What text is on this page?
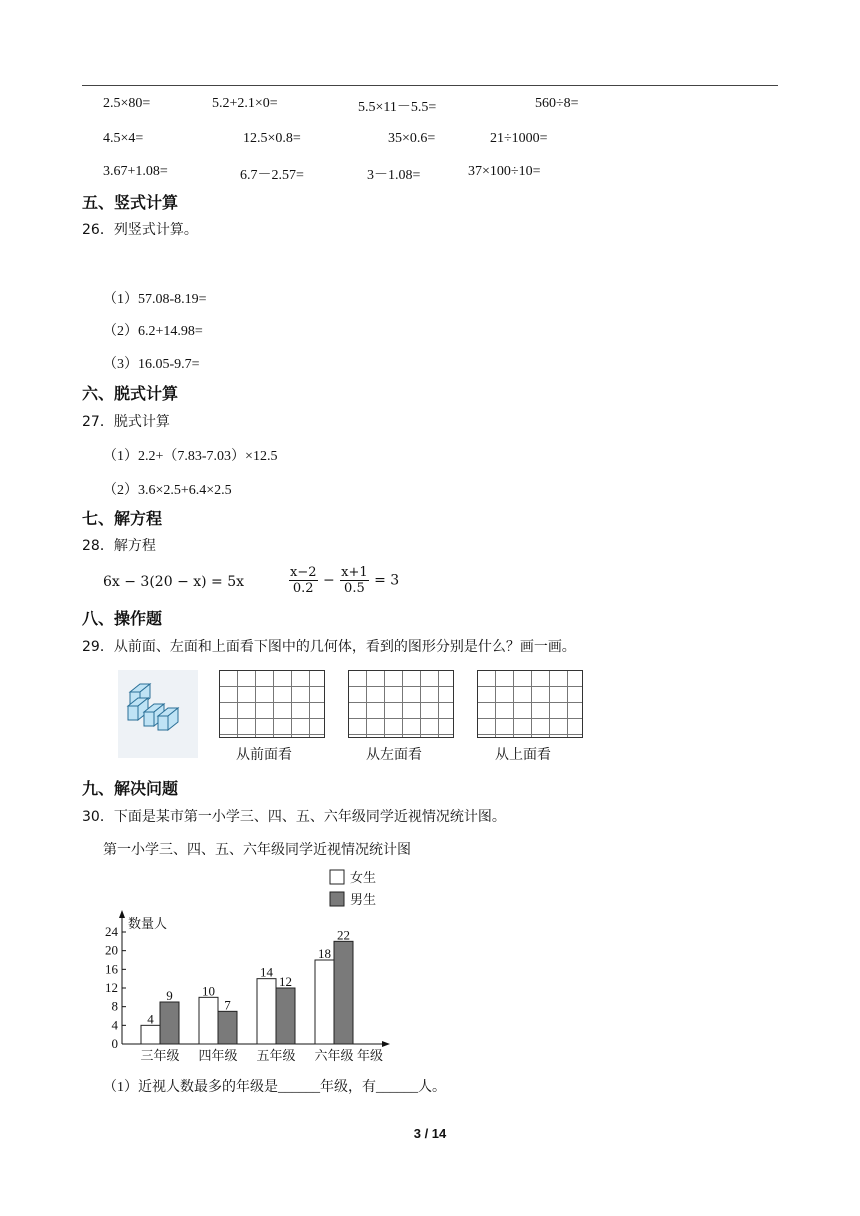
2.5×80=	5.2+2.1×0=	5.5×11－5.5=	560÷8=
4.5×4=	12.5×0.8=	35×0.6=	21÷1000=
3.67+1.08=	6.7－2.57=	3－1.08=	37×100÷10=
五、竖式计算
26．列竖式计算。
（1）57.08-8.19=
（2）6.2+14.98=
（3）16.05-9.7=
六、脱式计算
27．脱式计算
（1）2.2+（7.83-7.03）×12.5
（2）3.6×2.5+6.4×2.5
七、解方程
28．解方程
6x − 3(20 − x) = 5x	$\frac{x-2}{0.2} - \frac{x+1}{0.5} = 3$
八、操作题
29．从前面、左面和上面看下图中的几何体，看到的图形分别是什么？画一画。
从前面看	从左面看	从上面看
九、解决问题
30．下面是某市第一小学三、四、五、六年级同学近视情况统计图。
第一小学三、四、五、六年级同学近视情况统计图
女生
男生
数量人
0
4
8
12
16
20
24
4
9
三年级
10
7
四年级
14
12
五年级
18
22
六年级 年级
（1）近视人数最多的年级是______年级，有______人。
3 / 14
